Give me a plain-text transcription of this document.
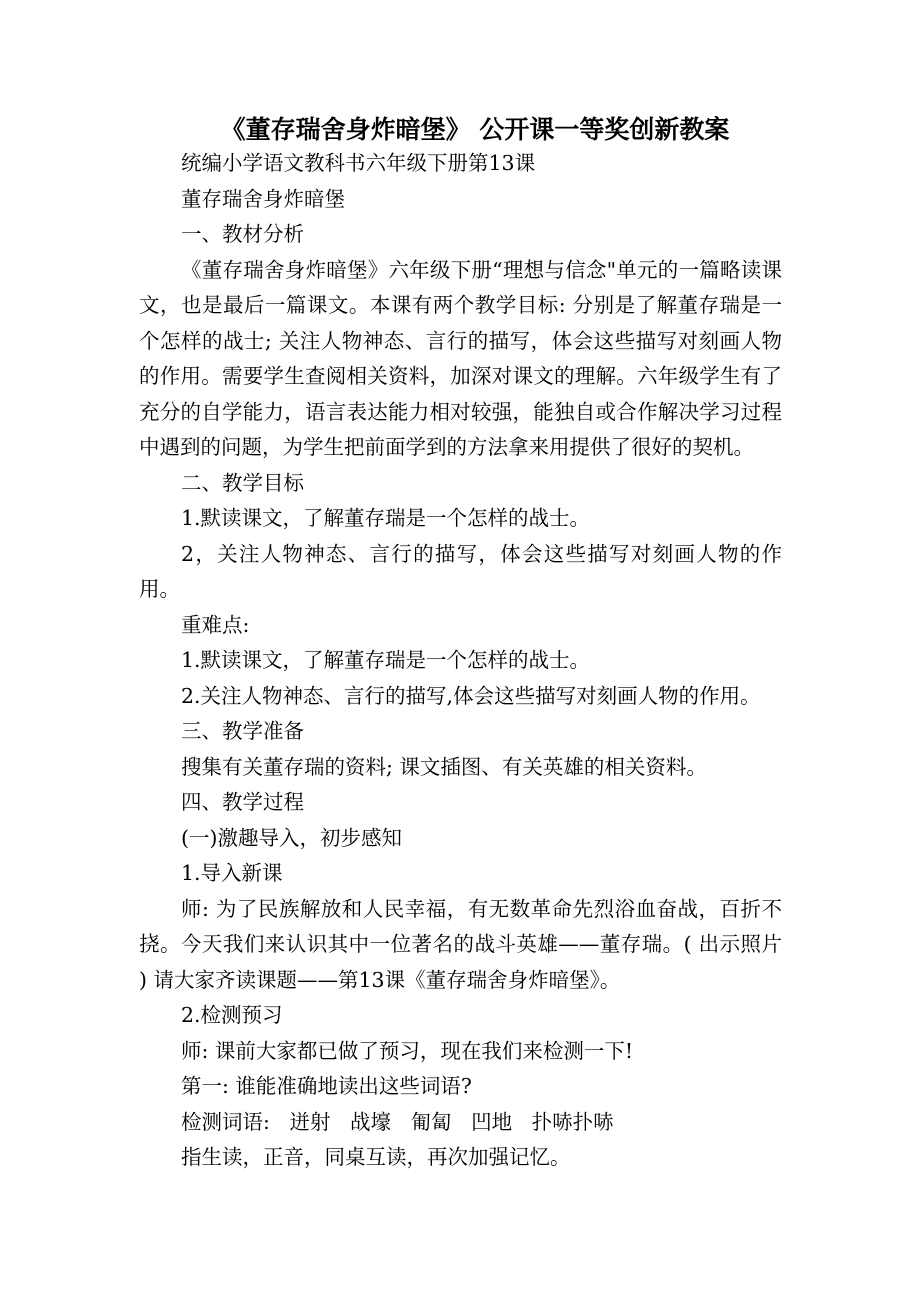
《董存瑞舍身炸暗堡》 公开课一等奖创新教案

统编小学语文教科书六年级下册第13课

董存瑞舍身炸暗堡

一、教材分析

《董存瑞舍身炸暗堡》六年级下册“理想与信念"单元的一篇略读课文，也是最后一篇课文。本课有两个教学目标: 分别是了解董存瑞是一个怎样的战士; 关注人物神态、言行的描写，体会这些描写对刻画人物的作用。需要学生查阅相关资料，加深对课文的理解。六年级学生有了充分的自学能力，语言表达能力相对较强，能独自或合作解决学习过程中遇到的问题，为学生把前面学到的方法拿来用提供了很好的契机。

二、教学目标

1.默读课文，了解董存瑞是一个怎样的战士。

2，关注人物神态、言行的描写，体会这些描写对刻画人物的作用。

重难点:

1.默读课文，了解董存瑞是一个怎样的战士。

2.关注人物神态、言行的描写,体会这些描写对刻画人物的作用。

三、教学准备

搜集有关董存瑞的资料; 课文插图、有关英雄的相关资料。

四、教学过程

(一)激趣导入，初步感知

1.导入新课

师: 为了民族解放和人民幸福，有无数革命先烈浴血奋战，百折不挠。今天我们来认识其中一位著名的战斗英雄——董存瑞。( 出示照片 ) 请大家齐读课题——第13课《董存瑞舍身炸暗堡》。

2.检测预习

师: 课前大家都已做了预习，现在我们来检测一下!

第一: 谁能准确地读出这些词语?

检测词语:   迸射   战壕   匍匐   凹地   扑哧扑哧

指生读，正音，同桌互读，再次加强记忆。
